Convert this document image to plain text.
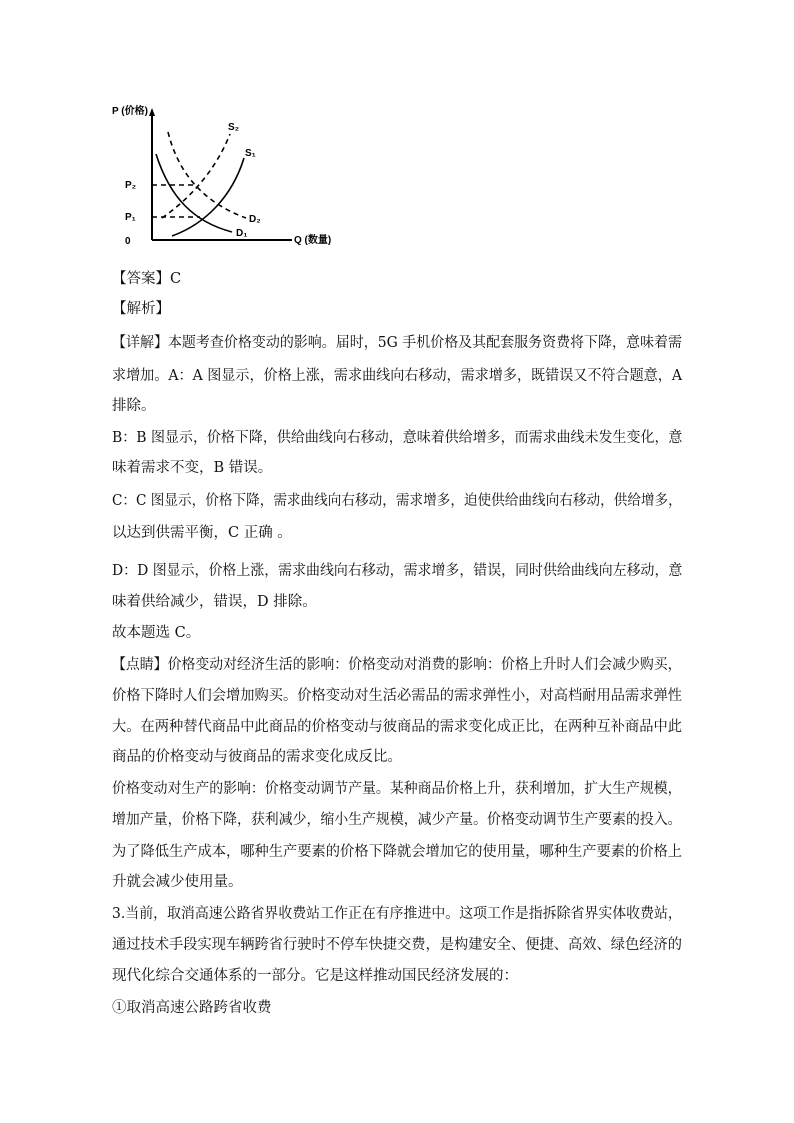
P (价格)
Q (数量)
0
P₂
P₁
S₂
S₁
D₂
D₁
【答案】C
【解析】
【详解】本题考查价格变动的影响。届时，5G 手机价格及其配套服务资费将下降，意味着需
求增加。A：A 图显示，价格上涨，需求曲线向右移动，需求增多，既错误又不符合题意，A
排除。
B：B 图显示，价格下降，供给曲线向右移动，意味着供给增多，而需求曲线未发生变化，意
味着需求不变，B 错误。
C：C 图显示，价格下降，需求曲线向右移动，需求增多，迫使供给曲线向右移动，供给增多，
以达到供需平衡，C 正确 。
D：D 图显示，价格上涨，需求曲线向右移动，需求增多，错误，同时供给曲线向左移动，意
味着供给减少，错误，D 排除。
故本题选 C。
【点睛】价格变动对经济生活的影响：价格变动对消费的影响：价格上升时人们会减少购买，
价格下降时人们会增加购买。价格变动对生活必需品的需求弹性小，对高档耐用品需求弹性
大。在两种替代商品中此商品的价格变动与彼商品的需求变化成正比，在两种互补商品中此
商品的价格变动与彼商品的需求变化成反比。
价格变动对生产的影响：价格变动调节产量。某种商品价格上升，获利增加，扩大生产规模，
增加产量，价格下降，获利减少，缩小生产规模，减少产量。价格变动调节生产要素的投入。
为了降低生产成本，哪种生产要素的价格下降就会增加它的使用量，哪种生产要素的价格上
升就会减少使用量。
3.当前，取消高速公路省界收费站工作正在有序推进中。这项工作是指拆除省界实体收费站，
通过技术手段实现车辆跨省行驶时不停车快捷交费，是构建安全、便捷、高效、绿色经济的
现代化综合交通体系的一部分。它是这样推动国民经济发展的：
①取消高速公路跨省收费
